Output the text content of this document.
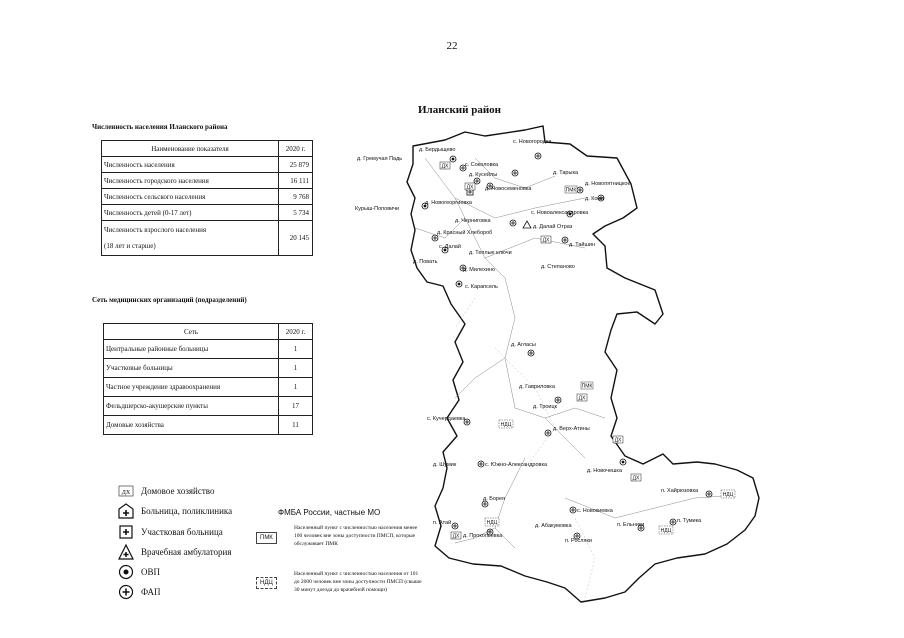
22
Иланский район
Численность населения Иланского района
Наименование показателя	2020 г.
Численность населения	25 879
Численность городского населения	16 111
Численность сельского населения	9 768
Численность детей (0-17 лет)	5 734

Численность взрослого населения
(18 лет и старше)	20 145
Сеть медицинских организаций (подразделений)
Сеть	2020 г.
Центральные районные больницы	1
Участковые больницы	1
Частное учреждение здравоохранения	1
Фельдшерско-акушерские пункты	17
Домовые хозяйства	11
ДХ Домовое хозяйство
Больница, поликлиника
Участковая больница
Врачебная амбулатория
ОВП
ФАП
ФМБА России, частные МО
ПМК
Населенный пункт с численностью населения менее 100 человек вне зоны доступности ПМСП, которые обслуживает ПМК
НДЦ
Населенный пункт с численностью населения от 101 до 2000 человек вне зоны доступности ПМСП (свыше 30 минут доезда до врачебной помощи)
ДХ
ДХ
ДХ
ДХ
ДХ
ДХ
ДХ
НДЦ
НДЦ
НДЦ
НДЦ
ПМК
ПМК
с. Новогородка
д. Гремучая Падь
д. Бердыщево
с. Соколовка
д. Тарыка
д. Кусейлы
д. Новосеменовка
д. Новопятницкое
д. Кожа
Курыш-Поповичи
д. Новогеоргиевка
с. Новоалександровка
д. Черниговка
д. Далай Отраз
д. Красный Хлебороб
с. Далай	д. Тайшин
д. Теплые ключи
д. Повать
д. Милехино	д. Степаново
с. Карапсель
д. Агласы
д. Гавриловка
д. Троицк
с. Кучердаевка
д. Верх-Атины
д. Шумик	с. Южно-Александровка
д. Новочешка
п. Хайрюзовка
д. Борея
с. Новокиевка
п. Атай	д. Абакумовка	п. Ельники
п. Тумика
д. Прокопьевка
п. Росляки
